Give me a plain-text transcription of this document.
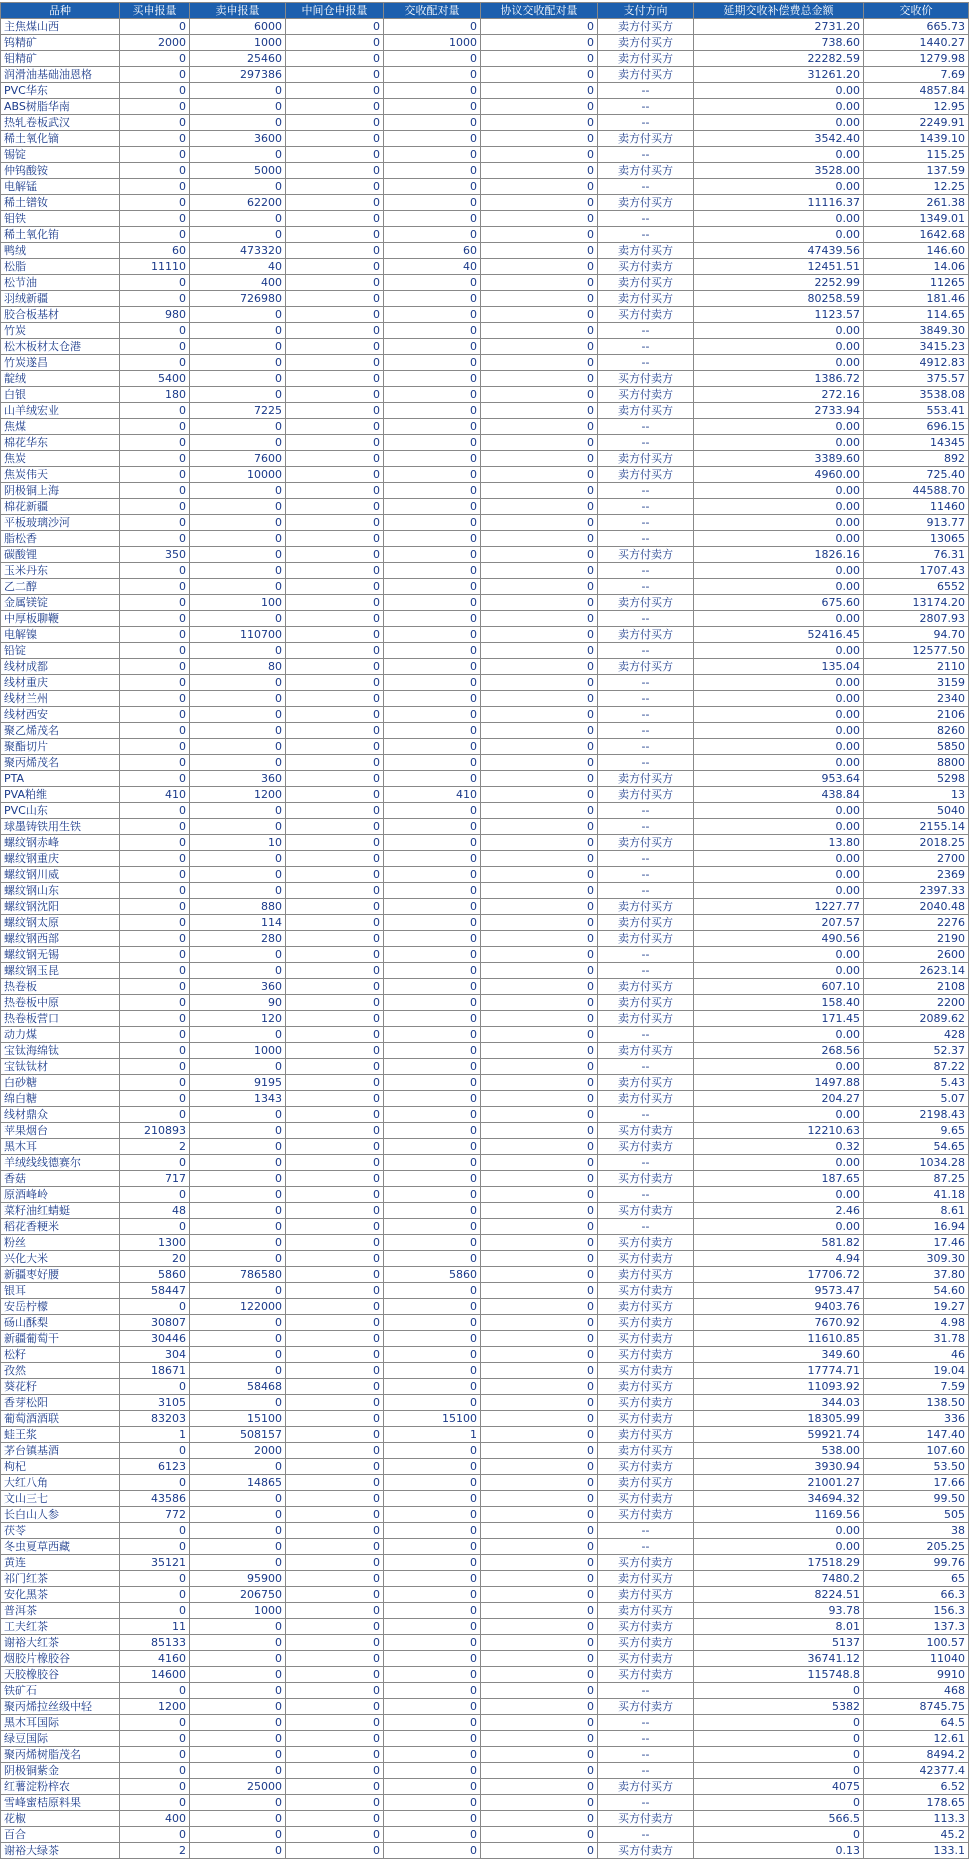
品种	买申报量	卖申报量	中间仓申报量	交收配对量	协议交收配对量	支付方向	延期交收补偿费总金额	交收价
主焦煤山西	0	6000	0	0	0	卖方付买方	2731.20	665.73
钨精矿	2000	1000	0	1000	0	卖方付买方	738.60	1440.27
钼精矿	0	25460	0	0	0	卖方付买方	22282.59	1279.98
润滑油基础油恩格	0	297386	0	0	0	卖方付买方	31261.20	7.69
PVC华东	0	0	0	0	0	--	0.00	4857.84
ABS树脂华南	0	0	0	0	0	--	0.00	12.95
热轧卷板武汉	0	0	0	0	0	--	0.00	2249.91
稀土氧化镝	0	3600	0	0	0	卖方付买方	3542.40	1439.10
锡锭	0	0	0	0	0	--	0.00	115.25
仲钨酸铵	0	5000	0	0	0	卖方付买方	3528.00	137.59
电解锰	0	0	0	0	0	--	0.00	12.25
稀土镨钕	0	62200	0	0	0	卖方付买方	11116.37	261.38
钼铁	0	0	0	0	0	--	0.00	1349.01
稀土氧化铕	0	0	0	0	0	--	0.00	1642.68
鸭绒	60	473320	0	60	0	卖方付买方	47439.56	146.60
松脂	11110	40	0	40	0	买方付卖方	12451.51	14.06
松节油	0	400	0	0	0	卖方付买方	2252.99	11265
羽绒新疆	0	726980	0	0	0	卖方付买方	80258.59	181.46
胶合板基材	980	0	0	0	0	买方付卖方	1123.57	114.65
竹炭	0	0	0	0	0	--	0.00	3849.30
松木板材太仓港	0	0	0	0	0	--	0.00	3415.23
竹炭遂昌	0	0	0	0	0	--	0.00	4912.83
靛绒	5400	0	0	0	0	买方付卖方	1386.72	375.57
白银	180	0	0	0	0	买方付卖方	272.16	3538.08
山羊绒宏业	0	7225	0	0	0	卖方付买方	2733.94	553.41
焦煤	0	0	0	0	0	--	0.00	696.15
棉花华东	0	0	0	0	0	--	0.00	14345
焦炭	0	7600	0	0	0	卖方付买方	3389.60	892
焦炭伟天	0	10000	0	0	0	卖方付买方	4960.00	725.40
阴极铜上海	0	0	0	0	0	--	0.00	44588.70
棉花新疆	0	0	0	0	0	--	0.00	11460
平板玻璃沙河	0	0	0	0	0	--	0.00	913.77
脂松香	0	0	0	0	0	--	0.00	13065
碳酸锂	350	0	0	0	0	买方付卖方	1826.16	76.31
玉米丹东	0	0	0	0	0	--	0.00	1707.43
乙二醇	0	0	0	0	0	--	0.00	6552
金属镁锭	0	100	0	0	0	卖方付买方	675.60	13174.20
中厚板聊鞭	0	0	0	0	0	--	0.00	2807.93
电解镍	0	110700	0	0	0	卖方付买方	52416.45	94.70
铅锭	0	0	0	0	0	--	0.00	12577.50
线材成都	0	80	0	0	0	卖方付买方	135.04	2110
线材重庆	0	0	0	0	0	--	0.00	3159
线材兰州	0	0	0	0	0	--	0.00	2340
线材西安	0	0	0	0	0	--	0.00	2106
聚乙烯茂名	0	0	0	0	0	--	0.00	8260
聚酯切片	0	0	0	0	0	--	0.00	5850
聚丙烯茂名	0	0	0	0	0	--	0.00	8800
PTA	0	360	0	0	0	卖方付买方	953.64	5298
PVA粕维	410	1200	0	410	0	卖方付买方	438.84	13
PVC山东	0	0	0	0	0	--	0.00	5040
球墨铸铁用生铁	0	0	0	0	0	--	0.00	2155.14
螺纹钢赤峰	0	10	0	0	0	卖方付买方	13.80	2018.25
螺纹钢重庆	0	0	0	0	0	--	0.00	2700
螺纹钢川威	0	0	0	0	0	--	0.00	2369
螺纹钢山东	0	0	0	0	0	--	0.00	2397.33
螺纹钢沈阳	0	880	0	0	0	卖方付买方	1227.77	2040.48
螺纹钢太原	0	114	0	0	0	卖方付买方	207.57	2276
螺纹钢西部	0	280	0	0	0	卖方付买方	490.56	2190
螺纹钢无锡	0	0	0	0	0	--	0.00	2600
螺纹钢玉昆	0	0	0	0	0	--	0.00	2623.14
热卷板	0	360	0	0	0	卖方付买方	607.10	2108
热卷板中原	0	90	0	0	0	卖方付买方	158.40	2200
热卷板营口	0	120	0	0	0	卖方付买方	171.45	2089.62
动力煤	0	0	0	0	0	--	0.00	428
宝钛海绵钛	0	1000	0	0	0	卖方付买方	268.56	52.37
宝钛钛材	0	0	0	0	0	--	0.00	87.22
白砂糖	0	9195	0	0	0	卖方付买方	1497.88	5.43
绵白糖	0	1343	0	0	0	卖方付买方	204.27	5.07
线材鼎众	0	0	0	0	0	--	0.00	2198.43
苹果烟台	210893	0	0	0	0	买方付卖方	12210.63	9.65
黑木耳	2	0	0	0	0	买方付卖方	0.32	54.65
羊绒线线德赛尔	0	0	0	0	0	--	0.00	1034.28
香菇	717	0	0	0	0	买方付卖方	187.65	87.25
原酒峰岭	0	0	0	0	0	--	0.00	41.18
菜籽油红蜻蜓	48	0	0	0	0	买方付卖方	2.46	8.61
稻花香粳米	0	0	0	0	0	--	0.00	16.94
粉丝	1300	0	0	0	0	买方付卖方	581.82	17.46
兴化大米	20	0	0	0	0	买方付卖方	4.94	309.30
新疆枣好腰	5860	786580	0	5860	0	卖方付买方	17706.72	37.80
银耳	58447	0	0	0	0	买方付卖方	9573.47	54.60
安岳柠檬	0	122000	0	0	0	卖方付买方	9403.76	19.27
砀山酥梨	30807	0	0	0	0	买方付卖方	7670.92	4.98
新疆葡萄干	30446	0	0	0	0	买方付卖方	11610.85	31.78
松籽	304	0	0	0	0	买方付卖方	349.60	46
孜然	18671	0	0	0	0	买方付卖方	17774.71	19.04
葵花籽	0	58468	0	0	0	卖方付买方	11093.92	7.59
香芽松阳	3105	0	0	0	0	买方付卖方	344.03	138.50
葡萄酒酒联	83203	15100	0	15100	0	买方付卖方	18305.99	336
蛙王浆	1	508157	0	1	0	卖方付买方	59921.74	147.40
茅台镇基酒	0	2000	0	0	0	卖方付买方	538.00	107.60
枸杞	6123	0	0	0	0	买方付卖方	3930.94	53.50
大红八角	0	14865	0	0	0	卖方付买方	21001.27	17.66
文山三七	43586	0	0	0	0	买方付卖方	34694.32	99.50
长白山人参	772	0	0	0	0	买方付卖方	1169.56	505
茯苓	0	0	0	0	0	--	0.00	38
冬虫夏草西藏	0	0	0	0	0	--	0.00	205.25
黄连	35121	0	0	0	0	买方付卖方	17518.29	99.76
祁门红茶	0	95900	0	0	0	卖方付买方	7480.2	65
安化黑茶	0	206750	0	0	0	卖方付买方	8224.51	66.3
普洱茶	0	1000	0	0	0	卖方付买方	93.78	156.3
工夫红茶	11	0	0	0	0	买方付卖方	8.01	137.3
谢裕大红茶	85133	0	0	0	0	买方付卖方	5137	100.57
烟胶片橡胶谷	4160	0	0	0	0	买方付卖方	36741.12	11040
天胶橡胶谷	14600	0	0	0	0	买方付卖方	115748.8	9910
铁矿石	0	0	0	0	0	--	0	468
聚丙烯拉丝级中轻	1200	0	0	0	0	买方付卖方	5382	8745.75
黑木耳国际	0	0	0	0	0	--	0	64.5
绿豆国际	0	0	0	0	0	--	0	12.61
聚丙烯树脂茂名	0	0	0	0	0	--	0	8494.2
阴极铜紫金	0	0	0	0	0	--	0	42377.4
红薯淀粉梓农	0	25000	0	0	0	卖方付买方	4075	6.52
雪峰蜜桔原料果	0	0	0	0	0	--	0	178.65
花椒	400	0	0	0	0	买方付卖方	566.5	113.3
百合	0	0	0	0	0	--	0	45.2
谢裕大绿茶	2	0	0	0	0	买方付卖方	0.13	133.1
